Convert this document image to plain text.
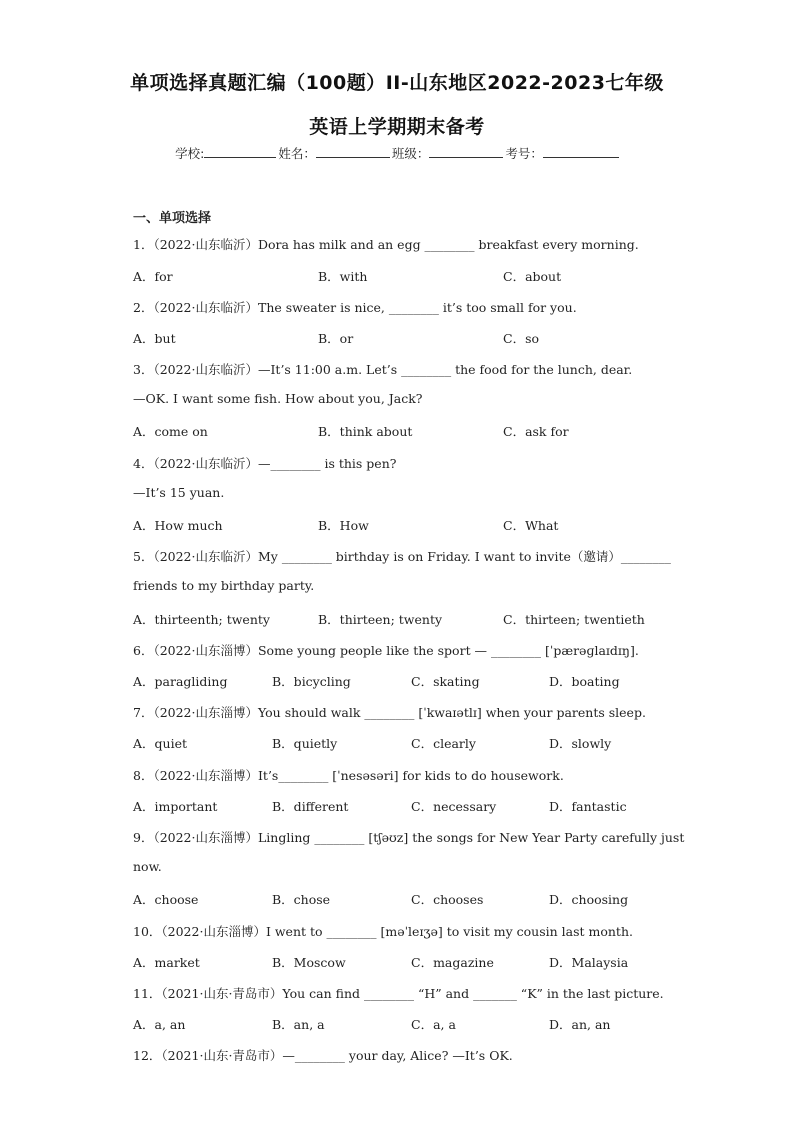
单项选择真题汇编（100题）II-山东地区2022-2023七年级
英语上学期期末备考
学校:	姓名：	班级：	考号：
一、单项选择
1．（2022·山东临沂）Dora has milk and an egg ________ breakfast every morning.
A．for	B．with	C．about
2．（2022·山东临沂）The sweater is nice, ________ it’s too small for you.
A．but	B．or	C．so
3．（2022·山东临沂）—It’s 11:00 a.m. Let’s ________ the food for the lunch, dear.
—OK. I want some fish. How about you, Jack?
A．come on	B．think about	C．ask for
4．（2022·山东临沂）—________ is this pen?
—It’s 15 yuan.
A．How much	B．How	C．What
5．（2022·山东临沂）My ________ birthday is on Friday. I want to invite（邀请）________
friends to my birthday party.
A．thirteenth; twenty	B．thirteen; twenty	C．thirteen; twentieth
6．（2022·山东淄博）Some young people like the sport — ________ [ˈpærəɡlaɪdɪŋ].
A．paragliding	B．bicycling	C．skating	D．boating
7．（2022·山东淄博）You should walk ________ [ˈkwaɪətlɪ] when your parents sleep.
A．quiet	B．quietly	C．clearly	D．slowly
8．（2022·山东淄博）It’s________ [ˈnesəsəri] for kids to do housework.
A．important	B．different	C．necessary	D．fantastic
9．（2022·山东淄博）Lingling ________ [tʃəʊz] the songs for New Year Party carefully just
now.
A．choose	B．chose	C．chooses	D．choosing
10．（2022·山东淄博）I went to ________ [məˈleɪʒə] to visit my cousin last month.
A．market	B．Moscow	C．magazine	D．Malaysia
11．（2021·山东·青岛市）You can find ________ “H” and _______ “K” in the last picture.
A．a, an	B．an, a	C．a, a	D．an, an
12．（2021·山东·青岛市）—________ your day, Alice? —It’s OK.
